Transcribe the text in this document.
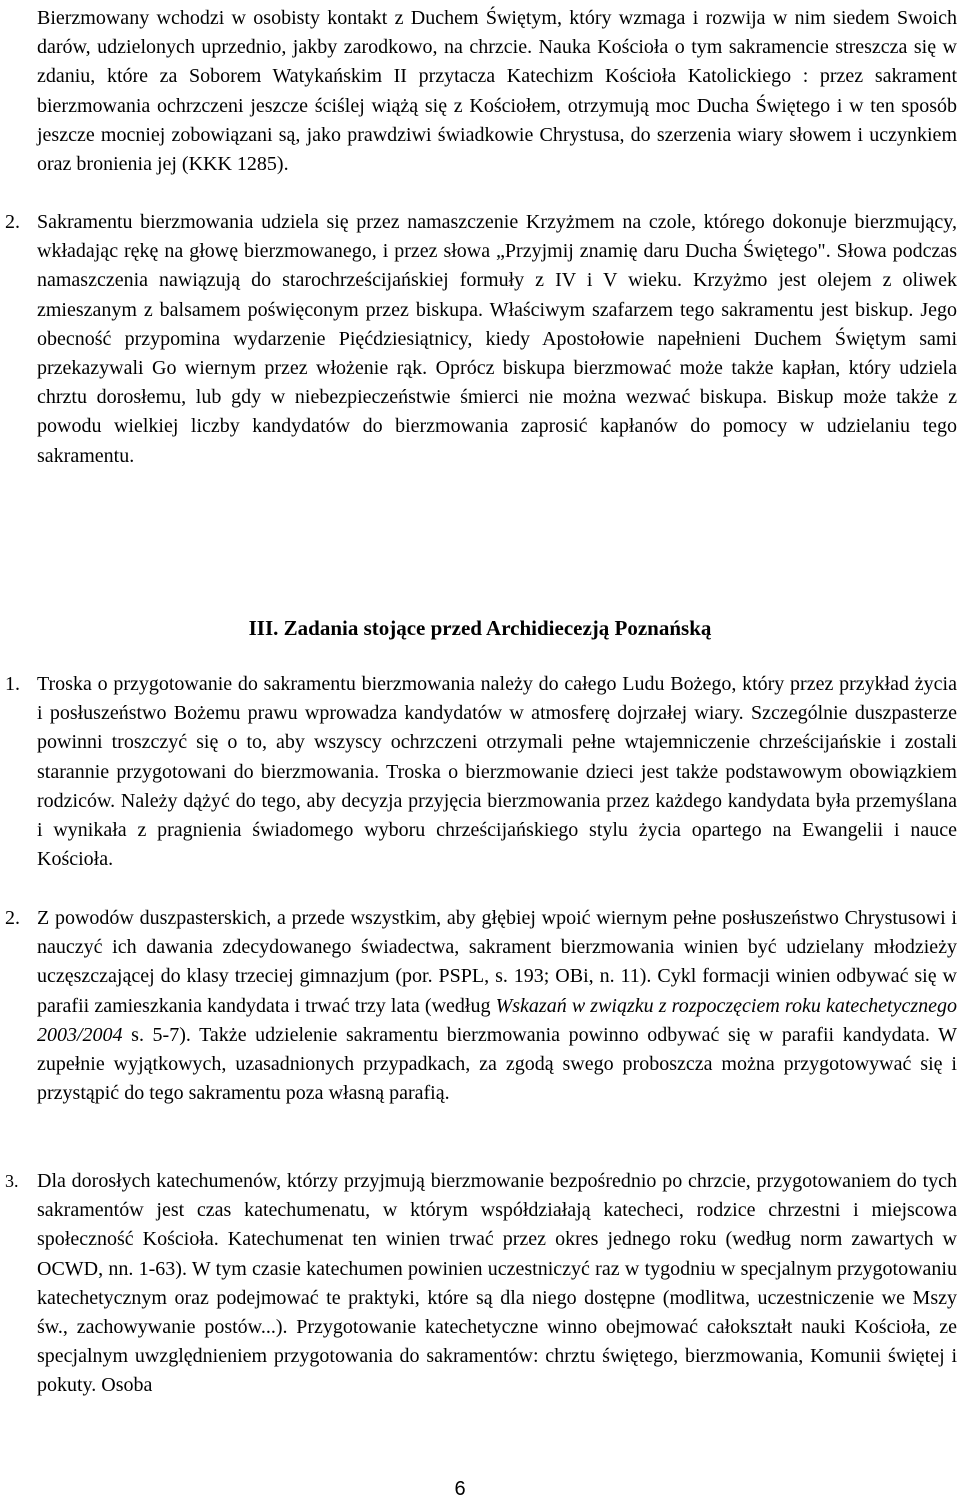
Bierzmowany wchodzi w osobisty kontakt z Duchem Świętym, który wzmaga i rozwija w nim siedem Swoich darów, udzielonych uprzednio, jakby zarodkowo, na chrzcie. Nauka Kościoła o tym sakramencie streszcza się w zdaniu, które za Soborem Watykańskim II przytacza Katechizm Kościoła Katolickiego : przez sakrament bierzmowania ochrzczeni jeszcze ściślej wiążą się z Kościołem, otrzymują moc Ducha Świętego i w ten sposób jeszcze mocniej zobowiązani są, jako prawdziwi świadkowie Chrystusa, do szerzenia wiary słowem i uczynkiem oraz bronienia jej (KKK 1285).
2. Sakramentu bierzmowania udziela się przez namaszczenie Krzyżmem na czole, którego dokonuje bierzmujący, wkładając rękę na głowę bierzmowanego, i przez słowa „Przyjmij znamię daru Ducha Świętego". Słowa podczas namaszczenia nawiązują do starochrześcijańskiej formuły z IV i V wieku. Krzyżmo jest olejem z oliwek zmieszanym z balsamem poświęconym przez biskupa. Właściwym szafarzem tego sakramentu jest biskup. Jego obecność przypomina wydarzenie Pięćdziesiątnicy, kiedy Apostołowie napełnieni Duchem Świętym sami przekazywali Go wiernym przez włożenie rąk. Oprócz biskupa bierzmować może także kapłan, który udziela chrztu dorosłemu, lub gdy w niebezpieczeństwie śmierci nie można wezwać biskupa. Biskup może także z powodu wielkiej liczby kandydatów do bierzmowania zaprosić kapłanów do pomocy w udzielaniu tego sakramentu.
III. Zadania stojące przed Archidiecezją Poznańską
1. Troska o przygotowanie do sakramentu bierzmowania należy do całego Ludu Bożego, który przez przykład życia i posłuszeństwo Bożemu prawu wprowadza kandydatów w atmosferę dojrzałej wiary. Szczególnie duszpasterze powinni troszczyć się o to, aby wszyscy ochrzczeni otrzymali pełne wtajemniczenie chrześcijańskie i zostali starannie przygotowani do bierzmowania. Troska o bierzmowanie dzieci jest także podstawowym obowiązkiem rodziców. Należy dążyć do tego, aby decyzja przyjęcia bierzmowania przez każdego kandydata była przemyślana i wynikała z pragnienia świadomego wyboru chrześcijańskiego stylu życia opartego na Ewangelii i nauce Kościoła.
2. Z powodów duszpasterskich, a przede wszystkim, aby głębiej wpoić wiernym pełne posłuszeństwo Chrystusowi i nauczyć ich dawania zdecydowanego świadectwa, sakrament bierzmowania winien być udzielany młodzieży uczęszczającej do klasy trzeciej gimnazjum (por. PSPL, s. 193; OBi, n. 11). Cykl formacji winien odbywać się w parafii zamieszkania kandydata i trwać trzy lata (według Wskazań w związku z rozpoczęciem roku katechetycznego 2003/2004 s. 5-7). Także udzielenie sakramentu bierzmowania powinno odbywać się w parafii kandydata. W zupełnie wyjątkowych, uzasadnionych przypadkach, za zgodą swego proboszcza można przygotowywać się i przystąpić do tego sakramentu poza własną parafią.
3. Dla dorosłych katechumenów, którzy przyjmują bierzmowanie bezpośrednio po chrzcie, przygotowaniem do tych sakramentów jest czas katechumenatu, w którym współdziałają katecheci, rodzice chrzestni i miejscowa społeczność Kościoła. Katechumenat ten winien trwać przez okres jednego roku (według norm zawartych w OCWD, nn. 1-63). W tym czasie katechumen powinien uczestniczyć raz w tygodniu w specjalnym przygotowaniu katechetycznym oraz podejmować te praktyki, które są dla niego dostępne (modlitwa, uczestniczenie we Mszy św., zachowywanie postów...). Przygotowanie katechetyczne winno obejmować całokształt nauki Kościoła, ze specjalnym uwzględnieniem przygotowania do sakramentów: chrztu świętego, bierzmowania, Komunii świętej i pokuty. Osoba
6
